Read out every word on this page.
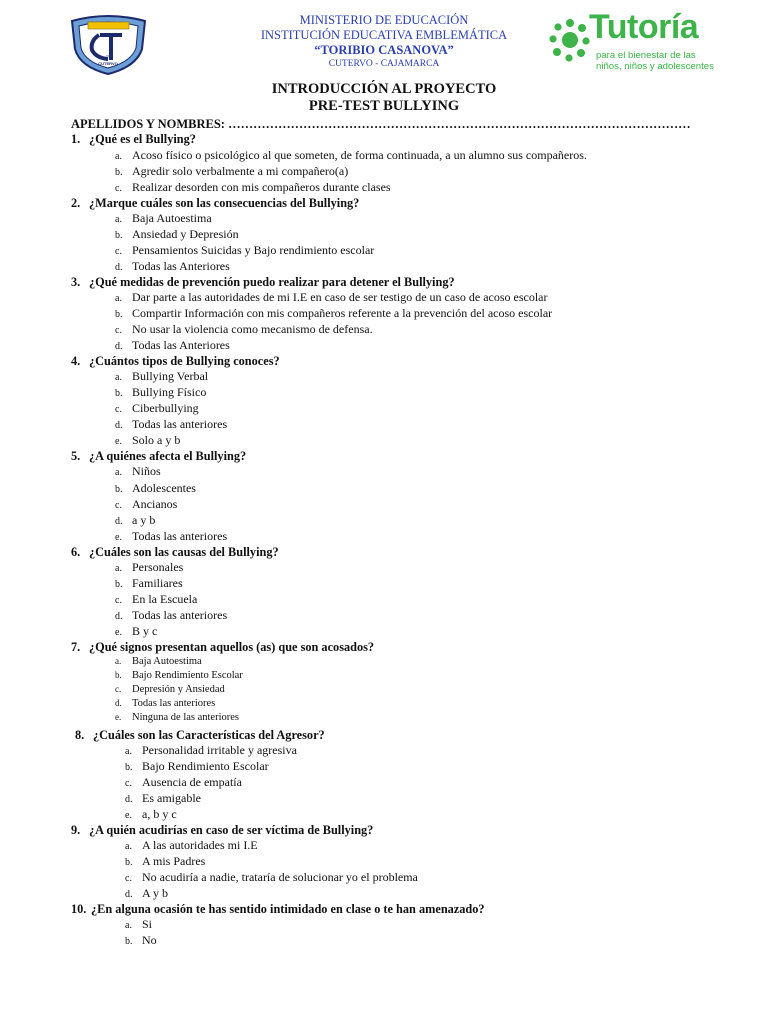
TC
CUTERVO
MINISTERIO DE EDUCACIÓN
INSTITUCIÓN EDUCATIVA EMBLEMÁTICA
“TORIBIO CASANOVA”
CUTERVO - CAJAMARCA
Tutoría
para el bienestar de las
niños, niños y adolescentes
INTRODUCCIÓN AL PROYECTO
PRE-TEST BULLYING
APELLIDOS Y NOMBRES: …………………………………………………………………………………………………
1. ¿Qué es el Bullying?
a. Acoso físico o psicológico al que someten, de forma continuada, a un alumno sus compañeros.
b. Agredir solo verbalmente a mi compañero(a)
c. Realizar desorden con mis compañeros durante clases
2. ¿Marque cuáles son las consecuencias del Bullying?
a. Baja Autoestima
b. Ansiedad y Depresión
c. Pensamientos Suicidas y Bajo rendimiento escolar
d. Todas las Anteriores
3. ¿Qué medidas de prevención puedo realizar para detener el Bullying?
a. Dar parte a las autoridades de mi I.E en caso de ser testigo de un caso de acoso escolar
b. Compartir Información con mis compañeros referente a la prevención del acoso escolar
c. No usar la violencia como mecanismo de defensa.
d. Todas las Anteriores
4. ¿Cuántos tipos de Bullying conoces?
a. Bullying Verbal
b. Bullying Físico
c. Ciberbullying
d. Todas las anteriores
e. Solo a y b
5. ¿A quiénes afecta el Bullying?
a. Niños
b. Adolescentes
c. Ancianos
d. a y b
e. Todas las anteriores
6. ¿Cuáles son las causas del Bullying?
a. Personales
b. Familiares
c. En la Escuela
d. Todas las anteriores
e. B y c
7. ¿Qué signos presentan aquellos (as) que son acosados?
a. Baja Autoestima
b. Bajo Rendimiento Escolar
c. Depresión y Ansiedad
d. Todas las anteriores
e. Ninguna de las anteriores
8. ¿Cuáles son las Características del Agresor?
a. Personalidad irritable y agresiva
b. Bajo Rendimiento Escolar
c. Ausencia de empatía
d. Es amigable
e. a, b y c
9. ¿A quién acudirías en caso de ser víctima de Bullying?
a. A las autoridades mi I.E
b. A mis Padres
c. No acudiría a nadie, trataría de solucionar yo el problema
d. A y b
10. ¿En alguna ocasión te has sentido intimidado en clase o te han amenazado?
a. Si
b. No
